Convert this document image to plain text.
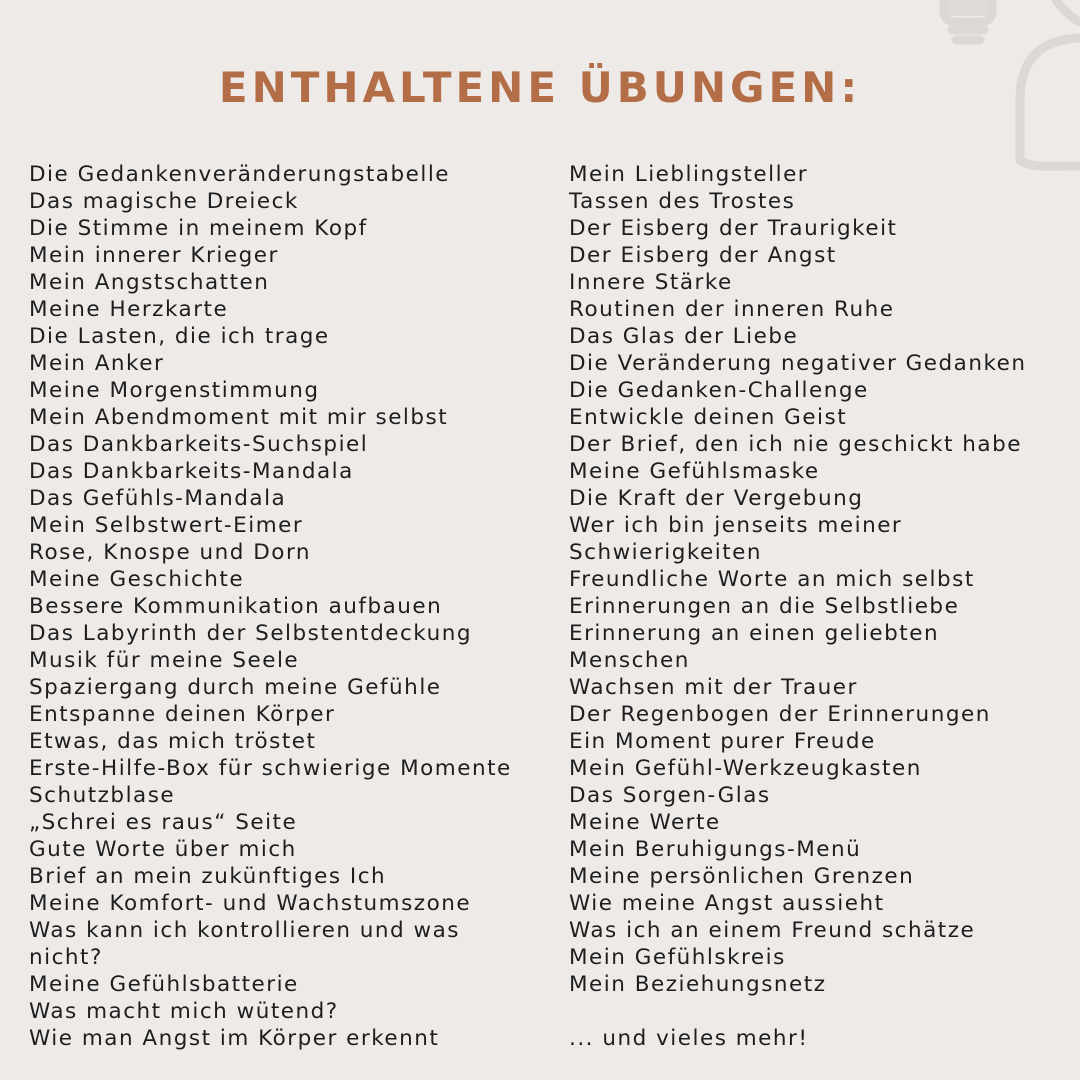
ENTHALTENE ÜBUNGEN:
Die Gedankenveränderungstabelle
Das magische Dreieck
Die Stimme in meinem Kopf
Mein innerer Krieger
Mein Angstschatten
Meine Herzkarte
Die Lasten, die ich trage
Mein Anker
Meine Morgenstimmung
Mein Abendmoment mit mir selbst
Das Dankbarkeits-Suchspiel
Das Dankbarkeits-Mandala
Das Gefühls-Mandala
Mein Selbstwert-Eimer
Rose, Knospe und Dorn
Meine Geschichte
Bessere Kommunikation aufbauen
Das Labyrinth der Selbstentdeckung
Musik für meine Seele
Spaziergang durch meine Gefühle
Entspanne deinen Körper
Etwas, das mich tröstet
Erste-Hilfe-Box für schwierige Momente
Schutzblase
„Schrei es raus“ Seite
Gute Worte über mich
Brief an mein zukünftiges Ich
Meine Komfort- und Wachstumszone
Was kann ich kontrollieren und was
nicht?
Meine Gefühlsbatterie
Was macht mich wütend?
Wie man Angst im Körper erkennt
Mein Lieblingsteller
Tassen des Trostes
Der Eisberg der Traurigkeit
Der Eisberg der Angst
Innere Stärke
Routinen der inneren Ruhe
Das Glas der Liebe
Die Veränderung negativer Gedanken
Die Gedanken-Challenge
Entwickle deinen Geist
Der Brief, den ich nie geschickt habe
Meine Gefühlsmaske
Die Kraft der Vergebung
Wer ich bin jenseits meiner
Schwierigkeiten
Freundliche Worte an mich selbst
Erinnerungen an die Selbstliebe
Erinnerung an einen geliebten
Menschen
Wachsen mit der Trauer
Der Regenbogen der Erinnerungen
Ein Moment purer Freude
Mein Gefühl-Werkzeugkasten
Das Sorgen-Glas
Meine Werte
Mein Beruhigungs-Menü
Meine persönlichen Grenzen
Wie meine Angst aussieht
Was ich an einem Freund schätze
Mein Gefühlskreis
Mein Beziehungsnetz
... und vieles mehr!
